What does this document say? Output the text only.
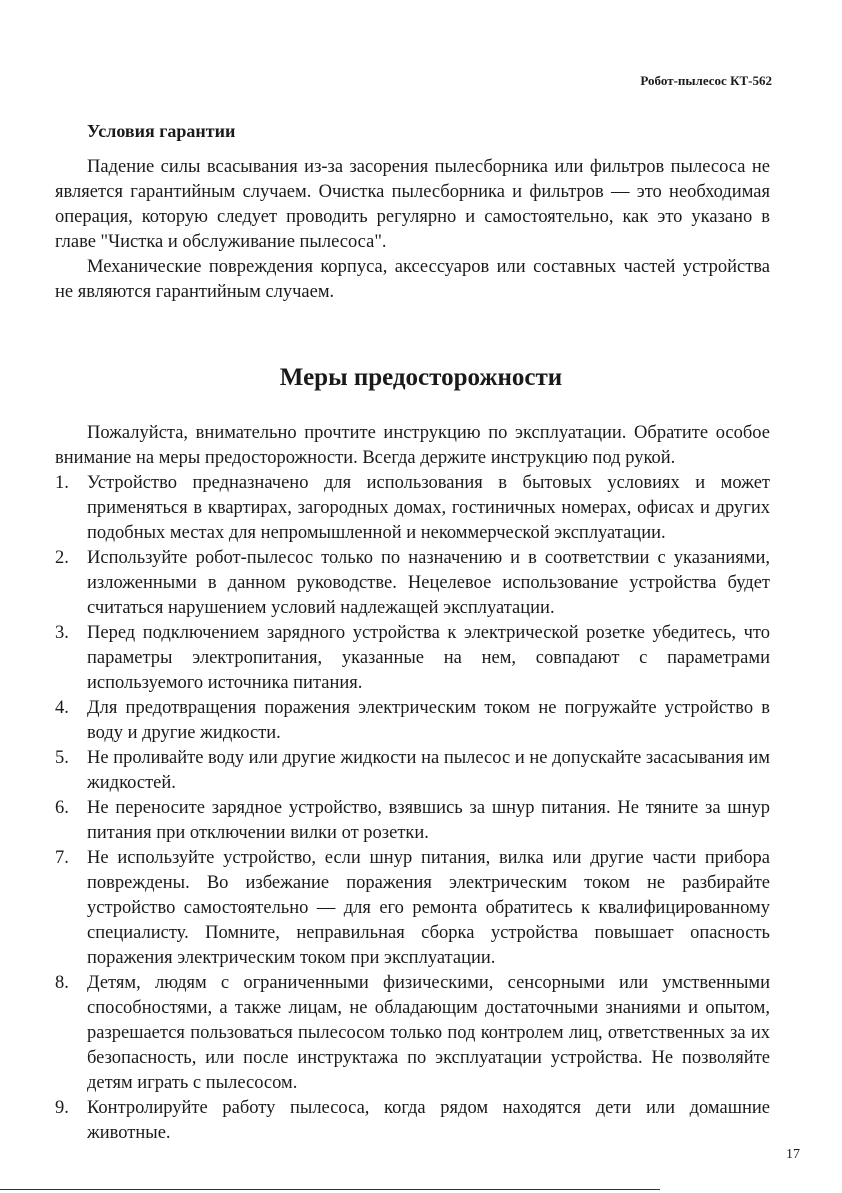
Робот-пылесос КТ-562
Условия гарантии

Падение силы всасывания из-за засорения пылесборника или фильтров пылесоса не является гарантийным случаем. Очистка пылесборника и фильтров — это необходимая операция, которую следует проводить регулярно и самостоятельно, как это указано в главе "Чистка и обслуживание пылесоса".

Механические повреждения корпуса, аксессуаров или составных частей устройства не являются гарантийным случаем.

Меры предосторожности

Пожалуйста, внимательно прочтите инструкцию по эксплуатации. Обратите особое внимание на меры предосторожности. Всегда держите инструкцию под рукой.

1. Устройство предназначено для использования в бытовых условиях и может применяться в квартирах, загородных домах, гостиничных номерах, офисах и других подобных местах для непромышленной и некоммерческой эксплуатации.
2. Используйте робот-пылесос только по назначению и в соответствии с указаниями, изложенными в данном руководстве. Нецелевое использование устройства будет считаться нарушением условий надлежащей эксплуатации.
3. Перед подключением зарядного устройства к электрической розетке убедитесь, что параметры электропитания, указанные на нем, совпадают с параметрами используемого источника питания.
4. Для предотвращения поражения электрическим током не погружайте устройство в воду и другие жидкости.
5. Не проливайте воду или другие жидкости на пылесос и не допускайте засасывания им жидкостей.
6. Не переносите зарядное устройство, взявшись за шнур питания. Не тяните за шнур питания при отключении вилки от розетки.
7. Не используйте устройство, если шнур питания, вилка или другие части прибора повреждены. Во избежание поражения электрическим током не разбирайте устройство самостоятельно — для его ремонта обратитесь к квалифицированному специалисту. Помните, неправильная сборка устройства повышает опасность поражения электрическим током при эксплуатации.
8. Детям, людям с ограниченными физическими, сенсорными или умственными способностями, а также лицам, не обладающим достаточными знаниями и опытом, разрешается пользоваться пылесосом только под контролем лиц, ответственных за их безопасность, или после инструктажа по эксплуатации устройства. Не позволяйте детям играть с пылесосом.
9. Контролируйте работу пылесоса, когда рядом находятся дети или домашние животные.
17
